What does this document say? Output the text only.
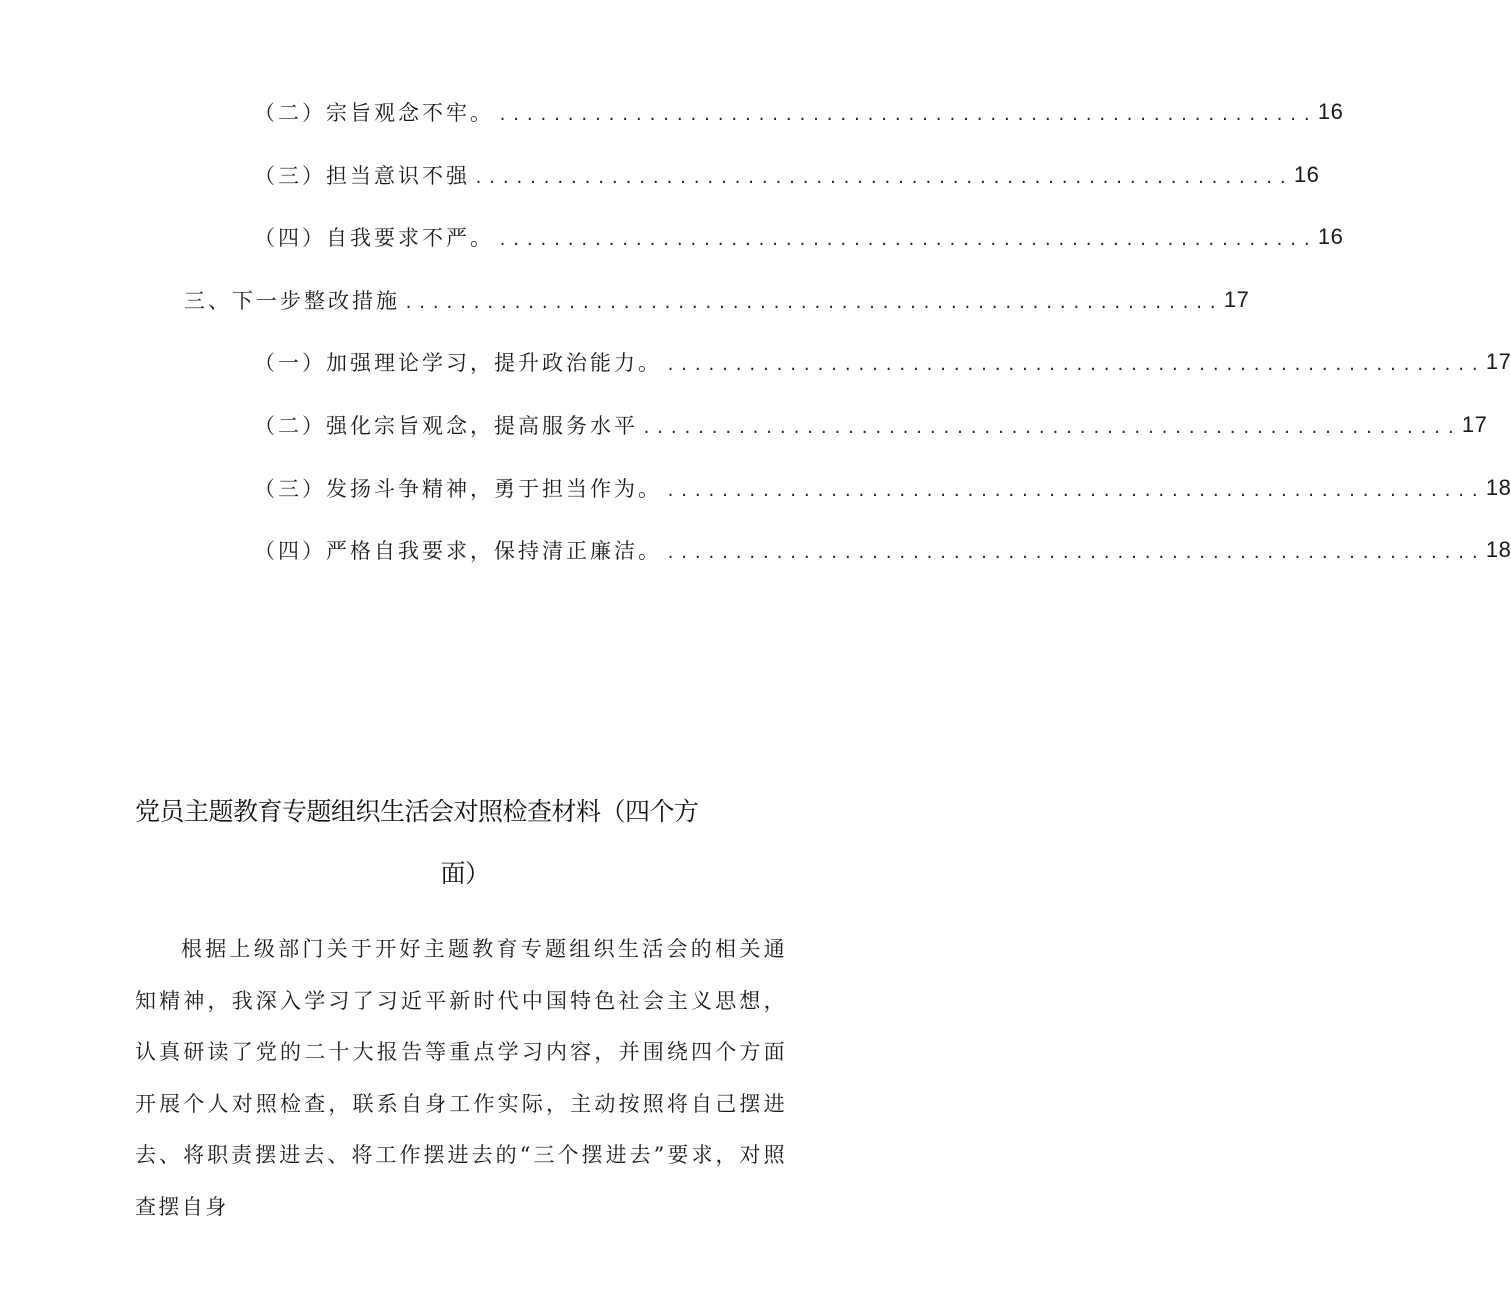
（二）宗旨观念不牢。 ............................................................ 16
（三）担当意识不强 ............................................................ 16
（四）自我要求不严。 ............................................................ 16
三、下一步整改措施 ............................................................ 17
（一）加强理论学习，提升政治能力。 ............................................................ 17
（二）强化宗旨观念，提高服务水平 ............................................................ 17
（三）发扬斗争精神，勇于担当作为。 ............................................................ 18
（四）严格自我要求，保持清正廉洁。 ............................................................ 18
党员主题教育专题组织生活会对照检查材料（四个方
面）

根据上级部门关于开好主题教育专题组织生活会的相关通知精神，我深入学习了习近平新时代中国特色社会主义思想，认真研读了党的二十大报告等重点学习内容，并围绕四个方面开展个人对照检查，联系自身工作实际，主动按照将自己摆进去、将职责摆进去、将工作摆进去的“三个摆进去”要求，对照查摆自身
